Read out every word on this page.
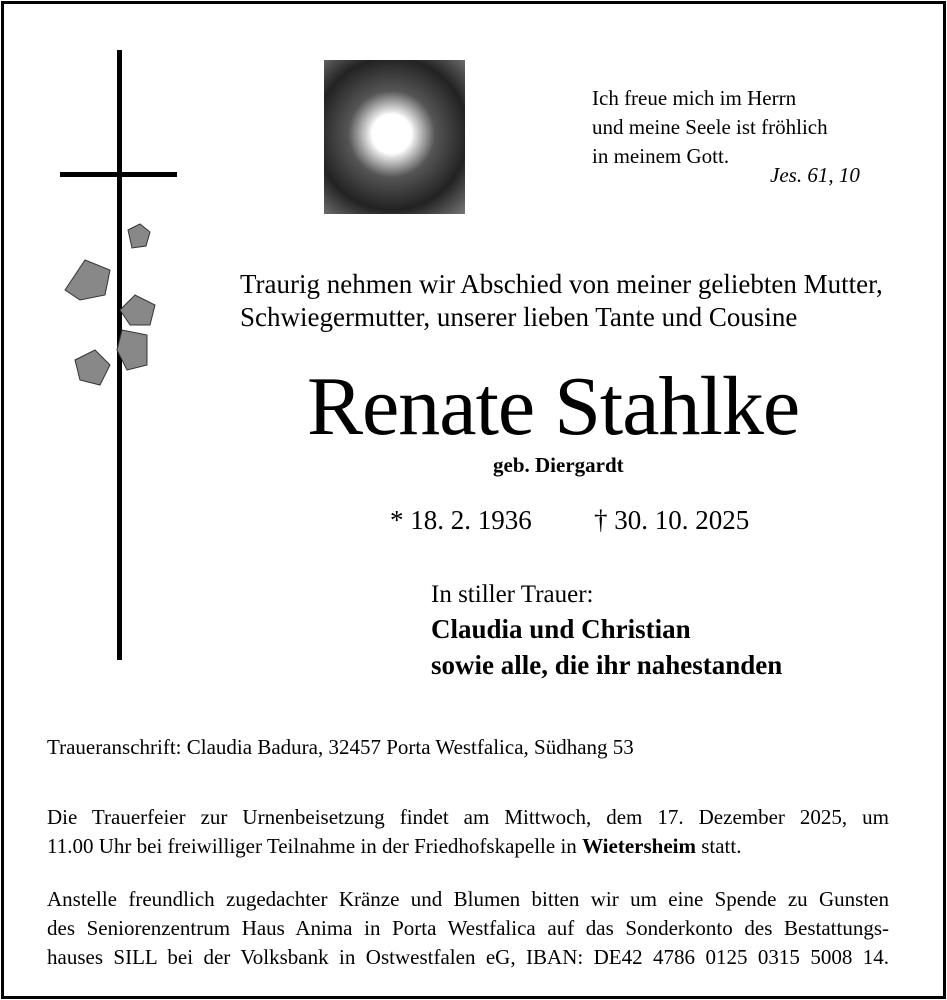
Ich freue mich im Herrn
und meine Seele ist fröhlich
in meinem Gott.
Jes. 61, 10
Traurig nehmen wir Abschied von meiner geliebten Mutter,
Schwiegermutter, unserer lieben Tante und Cousine
Renate Stahlke
geb. Diergardt
* 18. 2. 1936 † 30. 10. 2025
In stiller Trauer:
Claudia und Christian
sowie alle, die ihr nahestanden
Traueranschrift: Claudia Badura, 32457 Porta Westfalica, Südhang 53
Die Trauerfeier zur Urnenbeisetzung findet am Mittwoch, dem 17. Dezember 2025, um
11.00 Uhr bei freiwilliger Teilnahme in der Friedhofskapelle in Wietersheim statt.
Anstelle freundlich zugedachter Kränze und Blumen bitten wir um eine Spende zu Gunsten
des Seniorenzentrum Haus Anima in Porta Westfalica auf das Sonderkonto des Bestattungs-
hauses SILL bei der Volksbank in Ostwestfalen eG, IBAN: DE42 4786 0125 0315 5008 14.
